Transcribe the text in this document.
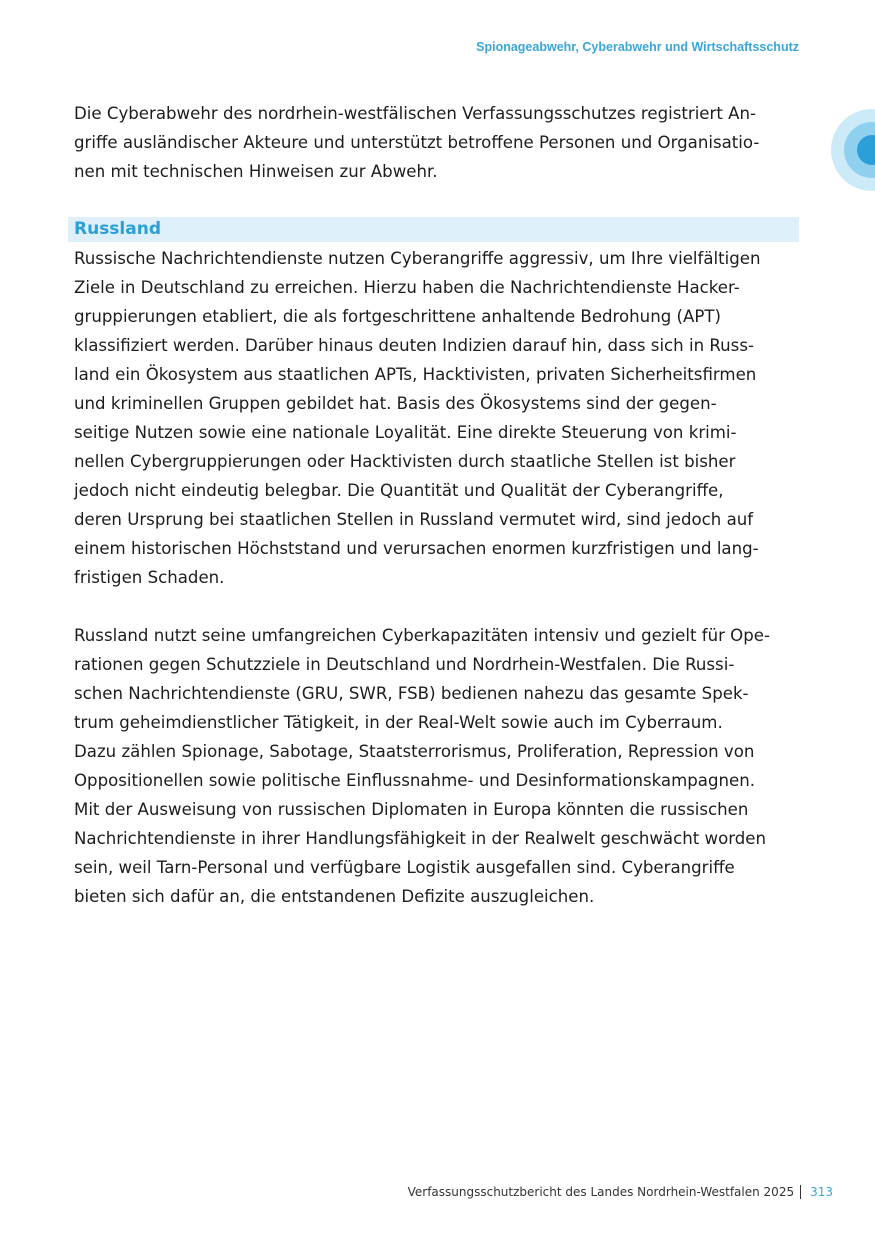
Spionageabwehr, Cyberabwehr und Wirtschaftsschutz

Die Cyberabwehr des nordrhein-westfälischen Verfassungsschutzes registriert An-
griffe ausländischer Akteure und unterstützt betroffene Personen und Organisatio-
nen mit technischen Hinweisen zur Abwehr.

Russland

Russische Nachrichtendienste nutzen Cyberangriffe aggressiv, um Ihre vielfältigen
Ziele in Deutschland zu erreichen. Hierzu haben die Nachrichtendienste Hacker-
gruppierungen etabliert, die als fortgeschrittene anhaltende Bedrohung (APT)
klassifiziert werden. Darüber hinaus deuten Indizien darauf hin, dass sich in Russ-
land ein Ökosystem aus staatlichen APTs, Hacktivisten, privaten Sicherheitsfirmen
und kriminellen Gruppen gebildet hat. Basis des Ökosystems sind der gegen-
seitige Nutzen sowie eine nationale Loyalität. Eine direkte Steuerung von krimi-
nellen Cybergruppierungen oder Hacktivisten durch staatliche Stellen ist bisher
jedoch nicht eindeutig belegbar. Die Quantität und Qualität der Cyberangriffe,
deren Ursprung bei staatlichen Stellen in Russland vermutet wird, sind jedoch auf
einem historischen Höchststand und verursachen enormen kurzfristigen und lang-
fristigen Schaden.

Russland nutzt seine umfangreichen Cyberkapazitäten intensiv und gezielt für Ope-
rationen gegen Schutzziele in Deutschland und Nordrhein-Westfalen. Die Russi-
schen Nachrichtendienste (GRU, SWR, FSB) bedienen nahezu das gesamte Spek-
trum geheimdienstlicher Tätigkeit, in der Real-Welt sowie auch im Cyberraum.
Dazu zählen Spionage, Sabotage, Staatsterrorismus, Proliferation, Repression von
Oppositionellen sowie politische Einflussnahme- und Desinformationskampagnen.
Mit der Ausweisung von russischen Diplomaten in Europa könnten die russischen
Nachrichtendienste in ihrer Handlungsfähigkeit in der Realwelt geschwächt worden
sein, weil Tarn-Personal und verfügbare Logistik ausgefallen sind. Cyberangriffe
bieten sich dafür an, die entstandenen Defizite auszugleichen.

Verfassungsschutzbericht des Landes Nordrhein-Westfalen 2025 313
